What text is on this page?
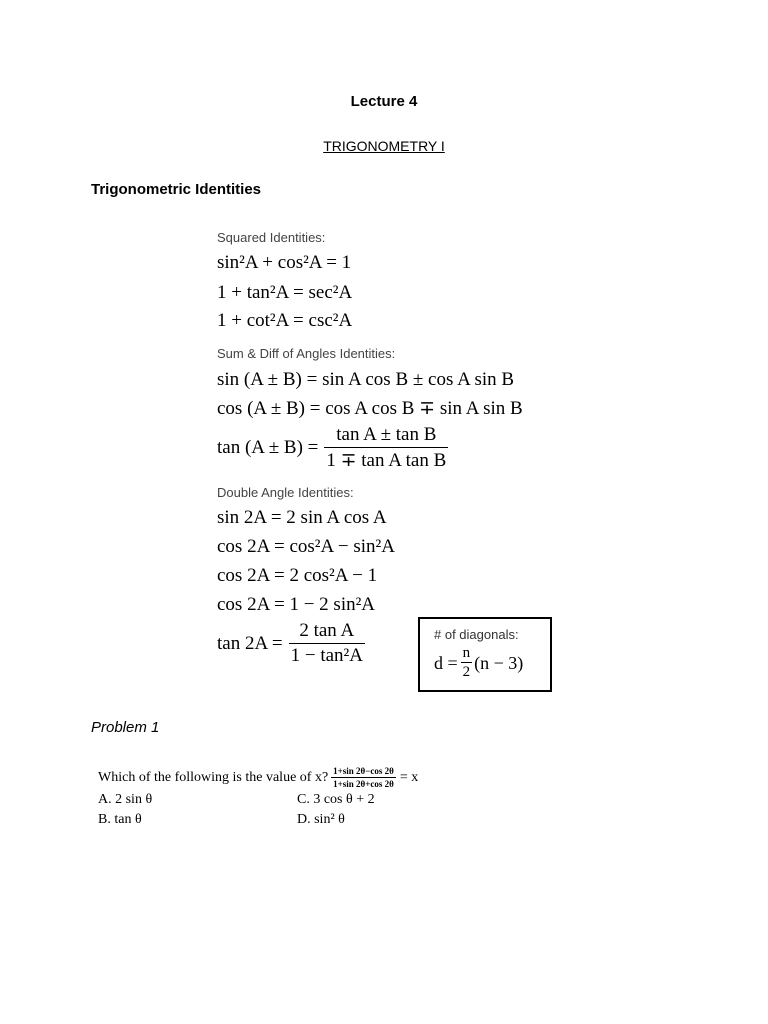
Lecture 4
TRIGONOMETRY I
Trigonometric Identities
Squared Identities:
sin²A + cos²A = 1
1 + tan²A = sec²A
1 + cot²A = csc²A
Sum & Diff of Angles Identities:
sin (A ± B) = sin A cos B ± cos A sin B
cos (A ± B) = cos A cos B ∓ sin A sin B
$\tan (A \pm B) = \frac{\text{tan A ± tan B}}{\text{1 ∓ tan A tan B}}$
Double Angle Identities:
sin 2A = 2 sin A cos A
cos 2A = cos²A − sin²A
cos 2A = 2 cos²A − 1
cos 2A = 1 − 2 sin²A
$\tan 2A = \frac{\text{2 tan A}}{\text{1 − tan²A}}$	# of diagonals:
$d = \frac{n}{2} (n - 3)$
Problem 1
Which of the following is the value of x? $\frac{1+\sin 2\theta-\cos 2\theta}{1+\sin 2\theta+\cos 2\theta} = x$
A. 2 sin θ
B. tan θ
C. 3 cos θ + 2
D. sin² θ
